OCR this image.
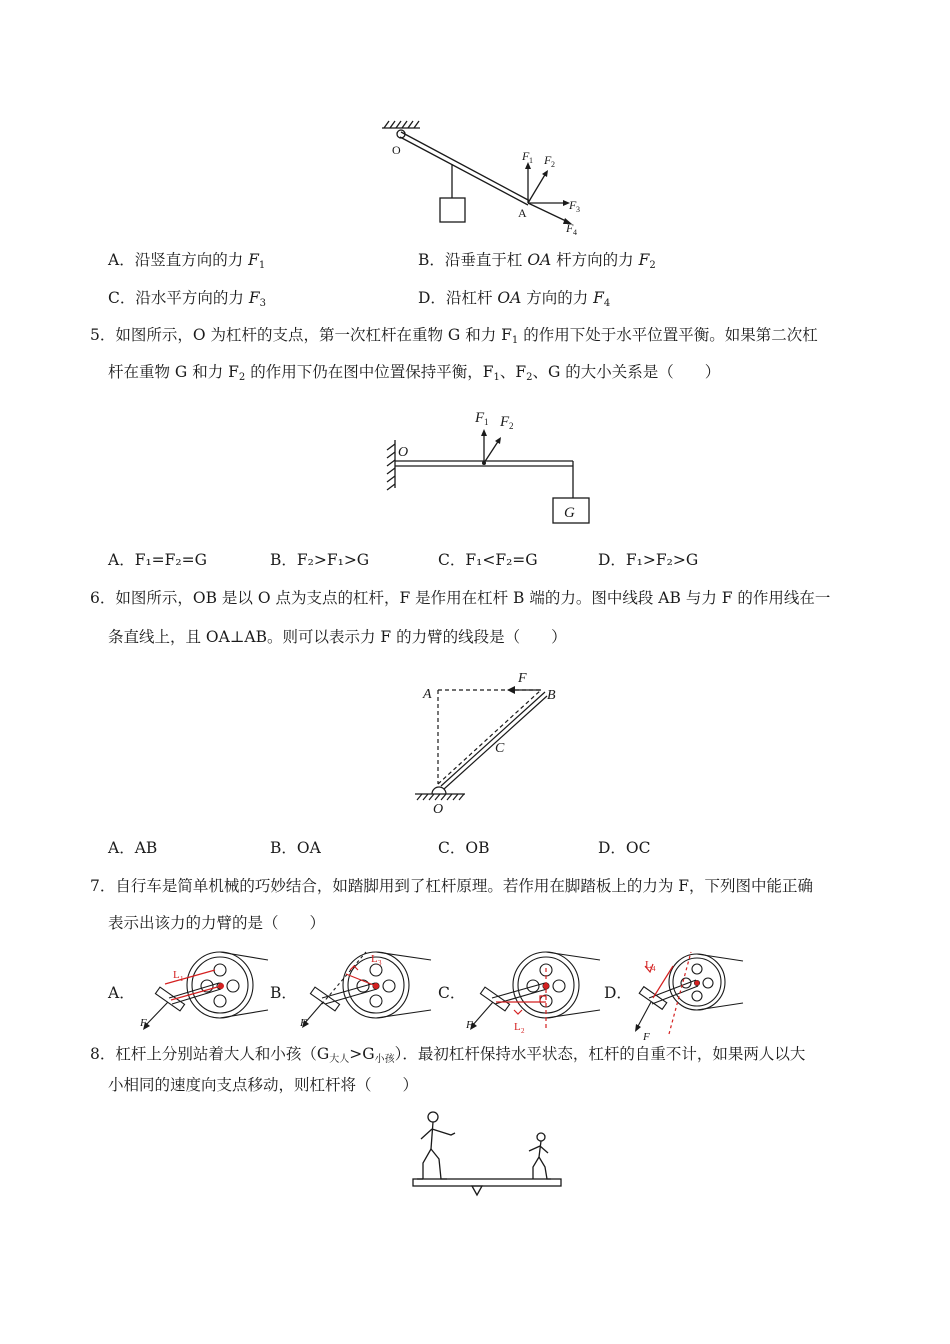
O
A
F 1 F 2
F 3
F 4
A．沿竖直方向的力 $F_1$	B．沿垂直于杠 OA 杆方向的力 $F_2$
C．沿水平方向的力 $F_3$	D．沿杠杆 OA 方向的力 $F_4$
5．如图所示，O 为杠杆的支点，第一次杠杆在重物 G 和力 $F_1$ 的作用下处于水平位置平衡。如果第二次杠
杆在重物 G 和力 $F_2$ 的作用下仍在图中位置保持平衡，$F_1$、$F_2$、G 的大小关系是（　　）
O
F 1 F 2
G
A．F₁=F₂=G	B．F₂>F₁>G	C．F₁<F₂=G	D．F₁>F₂>G
6．如图所示，OB 是以 O 点为支点的杠杆，F 是作用在杠杆 B 端的力。图中线段 AB 与力 F 的作用线在一
条直线上，且 OA⊥AB。则可以表示力 F 的力臂的线段是（　　）
A	B
C
O
F
A．AB	B．OA	C．OB	D．OC
7．自行车是简单机械的巧妙结合，如踏脚用到了杠杆原理。若作用在脚踏板上的力为 F，下列图中能正确
表示出该力的力臂的是（　　）
A．	B．	C．	D．
L 1
F
L 3
F	L 2
F
L 4
F
8．杠杆上分别站着大人和小孩$(G_{大人}>G_{小孩})$．最初杠杆保持水平状态，杠杆的自重不计，如果两人以大
小相同的速度向支点移动，则杠杆将（　　）
